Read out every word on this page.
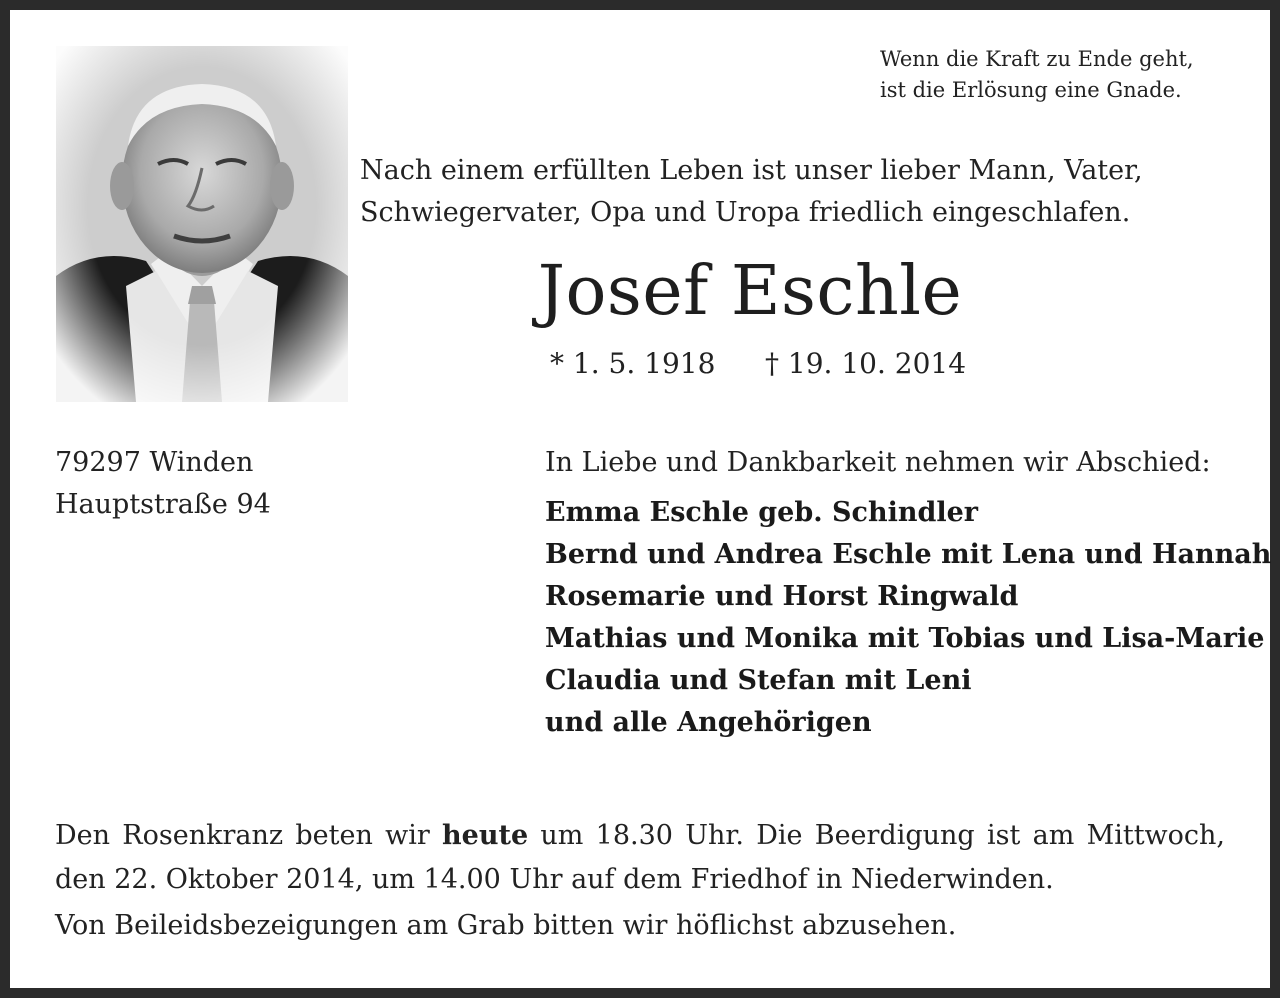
Wenn die Kraft zu Ende geht,
ist die Erlösung eine Gnade.
Nach einem erfüllten Leben ist unser lieber Mann, Vater,
Schwiegervater, Opa und Uropa friedlich eingeschlafen.
Josef Eschle
* 1. 5. 1918 † 19. 10. 2014
79297 Winden
Hauptstraße 94
In Liebe und Dankbarkeit nehmen wir Abschied:
Emma Eschle geb. Schindler
Bernd und Andrea Eschle mit Lena und Hannah
Rosemarie und Horst Ringwald
Mathias und Monika mit Tobias und Lisa-Marie
Claudia und Stefan mit Leni
und alle Angehörigen
Den Rosenkranz beten wir heute um 18.30 Uhr. Die Beerdigung ist am Mittwoch, den 22. Oktober 2014, um 14.00 Uhr auf dem Friedhof in Niederwinden.
Von Beileidsbezeigungen am Grab bitten wir höflichst abzusehen.
